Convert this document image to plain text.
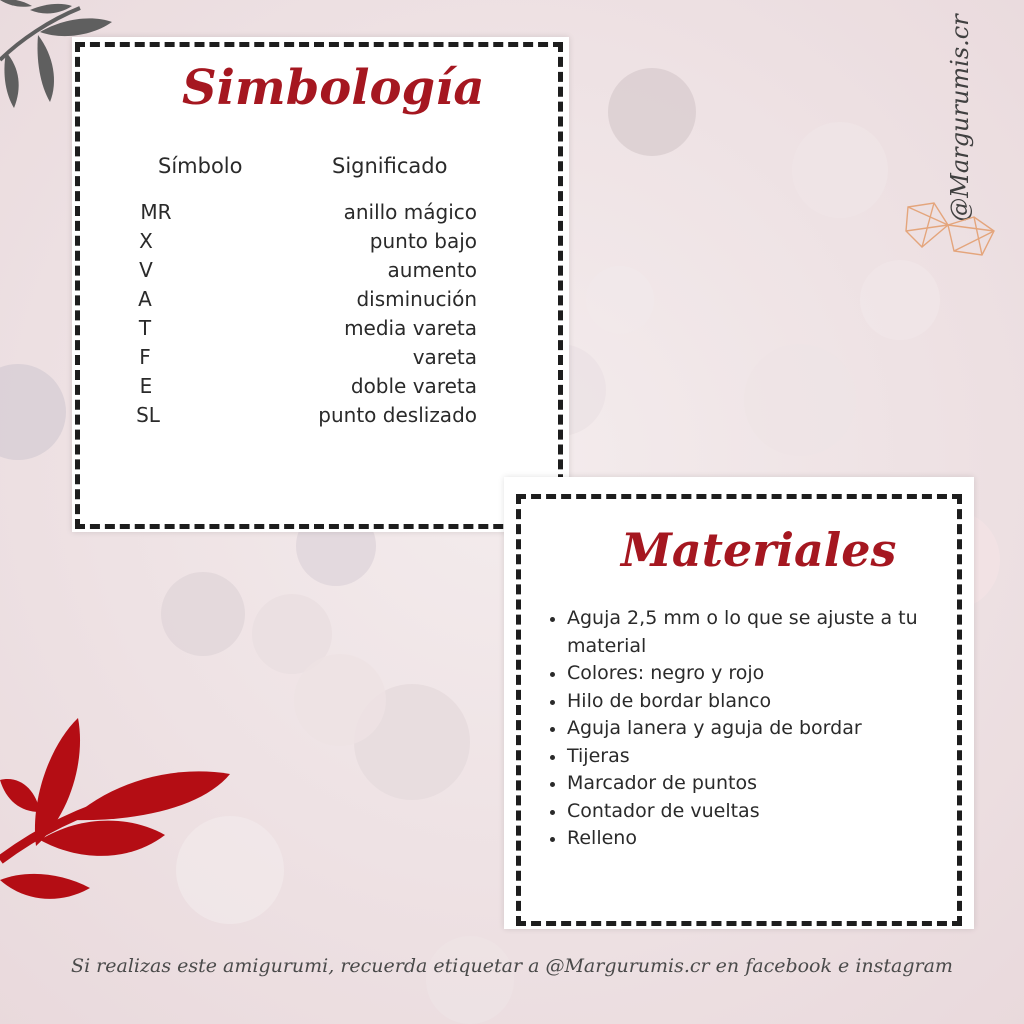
Simbología
Símbolo	Significado
MR	anillo mágico
X	punto bajo
V	aumento
A	disminución
T	media vareta
F	vareta
E	doble vareta
SL	punto deslizado
Materiales
Aguja 2,5 mm o lo que se ajuste a tu material
Colores: negro y rojo
Hilo de bordar blanco
Aguja lanera y aguja de bordar
Tijeras
Marcador de puntos
Contador de vueltas
Relleno
@Margurumis.cr
Si realizas este amigurumi, recuerda etiquetar a @Margurumis.cr en facebook e instagram
